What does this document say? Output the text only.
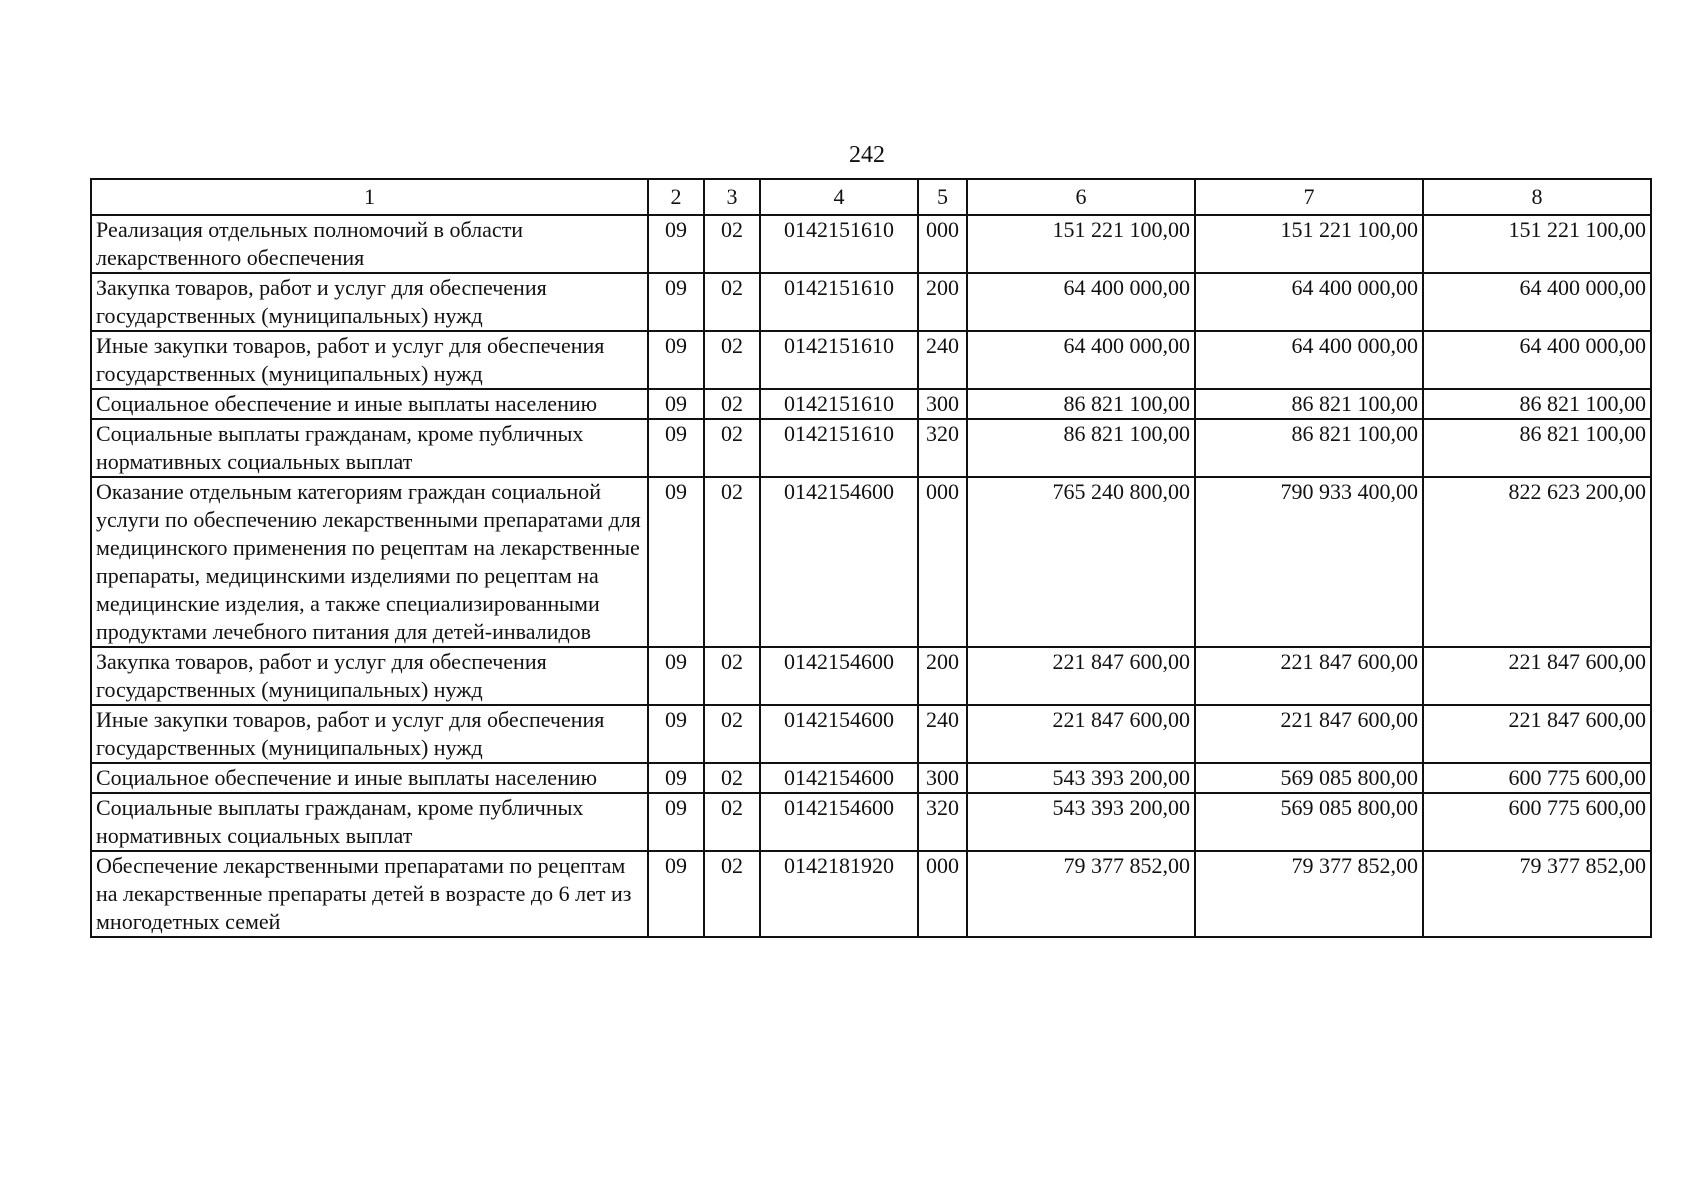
242
1	2	3	4	5	6	7	8
Реализация отдельных полномочий в области лекарственного обеспечения	09	02	0142151610	000	151 221 100,00	151 221 100,00	151 221 100,00
Закупка товаров, работ и услуг для обеспечения государственных (муниципальных) нужд	09	02	0142151610	200	64 400 000,00	64 400 000,00	64 400 000,00
Иные закупки товаров, работ и услуг для обеспечения государственных (муниципальных) нужд	09	02	0142151610	240	64 400 000,00	64 400 000,00	64 400 000,00
Социальное обеспечение и иные выплаты населению	09	02	0142151610	300	86 821 100,00	86 821 100,00	86 821 100,00
Социальные выплаты гражданам, кроме публичных нормативных социальных выплат	09	02	0142151610	320	86 821 100,00	86 821 100,00	86 821 100,00
Оказание отдельным категориям граждан социальной услуги по обеспечению лекарственными препаратами для медицинского применения по рецептам на лекарственные препараты, медицинскими изделиями по рецептам на медицинские изделия, а также специализированными продуктами лечебного питания для детей-инвалидов	09	02	0142154600	000	765 240 800,00	790 933 400,00	822 623 200,00
Закупка товаров, работ и услуг для обеспечения государственных (муниципальных) нужд	09	02	0142154600	200	221 847 600,00	221 847 600,00	221 847 600,00
Иные закупки товаров, работ и услуг для обеспечения государственных (муниципальных) нужд	09	02	0142154600	240	221 847 600,00	221 847 600,00	221 847 600,00
Социальное обеспечение и иные выплаты населению	09	02	0142154600	300	543 393 200,00	569 085 800,00	600 775 600,00
Социальные выплаты гражданам, кроме публичных нормативных социальных выплат	09	02	0142154600	320	543 393 200,00	569 085 800,00	600 775 600,00
Обеспечение лекарственными препаратами по рецептам на лекарственные препараты детей в возрасте до 6 лет из многодетных семей	09	02	0142181920	000	79 377 852,00	79 377 852,00	79 377 852,00
